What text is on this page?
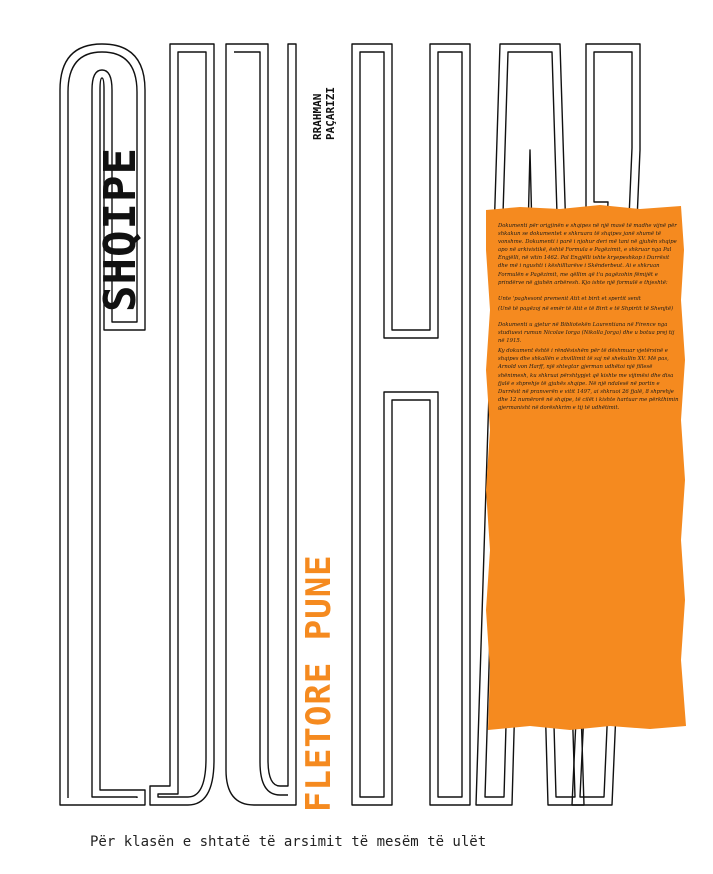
SHQIPE
RRAHMAN PAÇARIZI
FLETORE PUNE

Dokumenti për origjinën e shqipes në një masë të madhe vijnë për shkakun se dokumentet e shkruara të shqipes janë shumë të vonshme. Dokumenti i parë i njohur deri më tani në gjuhën shqipe apo në arkivistikë, është Formula e Pagëzimit, e shkruar nga Pal Engjëlli, në vitin 1462. Pal Engjëlli ishte kryepeshkop i Durrësit dhe më i ngushti i këshilltarëve i Skënderbeut. Ai e shkruan Formulën e Pagëzimit, me qëllim që t'u pagëzohin fëmijët e prindërve në gjuhën arbëresh. Kjo ishte një formulë e thjeshtë:

Unte 'paghesont premenit Atit et birit et spertit senit

(Unë të pagëzoj në emër të Atit e të Birit e të Shpirtit të Shenjtë)

Dokumenti u gjetur në Bibliotekën Laurentiana në Firence nga studiuesi rumun Nicolae Iorga (Nikolla Jorga) dhe u botua prej tij në 1915.

Ky dokument është i rëndësishëm për të dëshmuar vjetërsinë e shqipes dhe shkallën e zhvillimit të saj në shekullin XV. Më pas, Arnold von Harff, një shtegtar gjerman udhëtoi një fillesë shënimesh, ku shkruai përshtypjet që kishte me vijimësi dhe disa fjalë e shprehje të gjuhës shqipe. Në një ndalesë në portin e Durrësit në pranverën e vitit 1497, ai shkruoi 26 fjalë, 8 shprehje dhe 12 numërorë në shqipe, të cilët i kishte hartuar me përkthimin gjermanisht në dorëshkrim e tij të udhëtimit.

Për klasën e shtatë të arsimit të mesëm të ulët
